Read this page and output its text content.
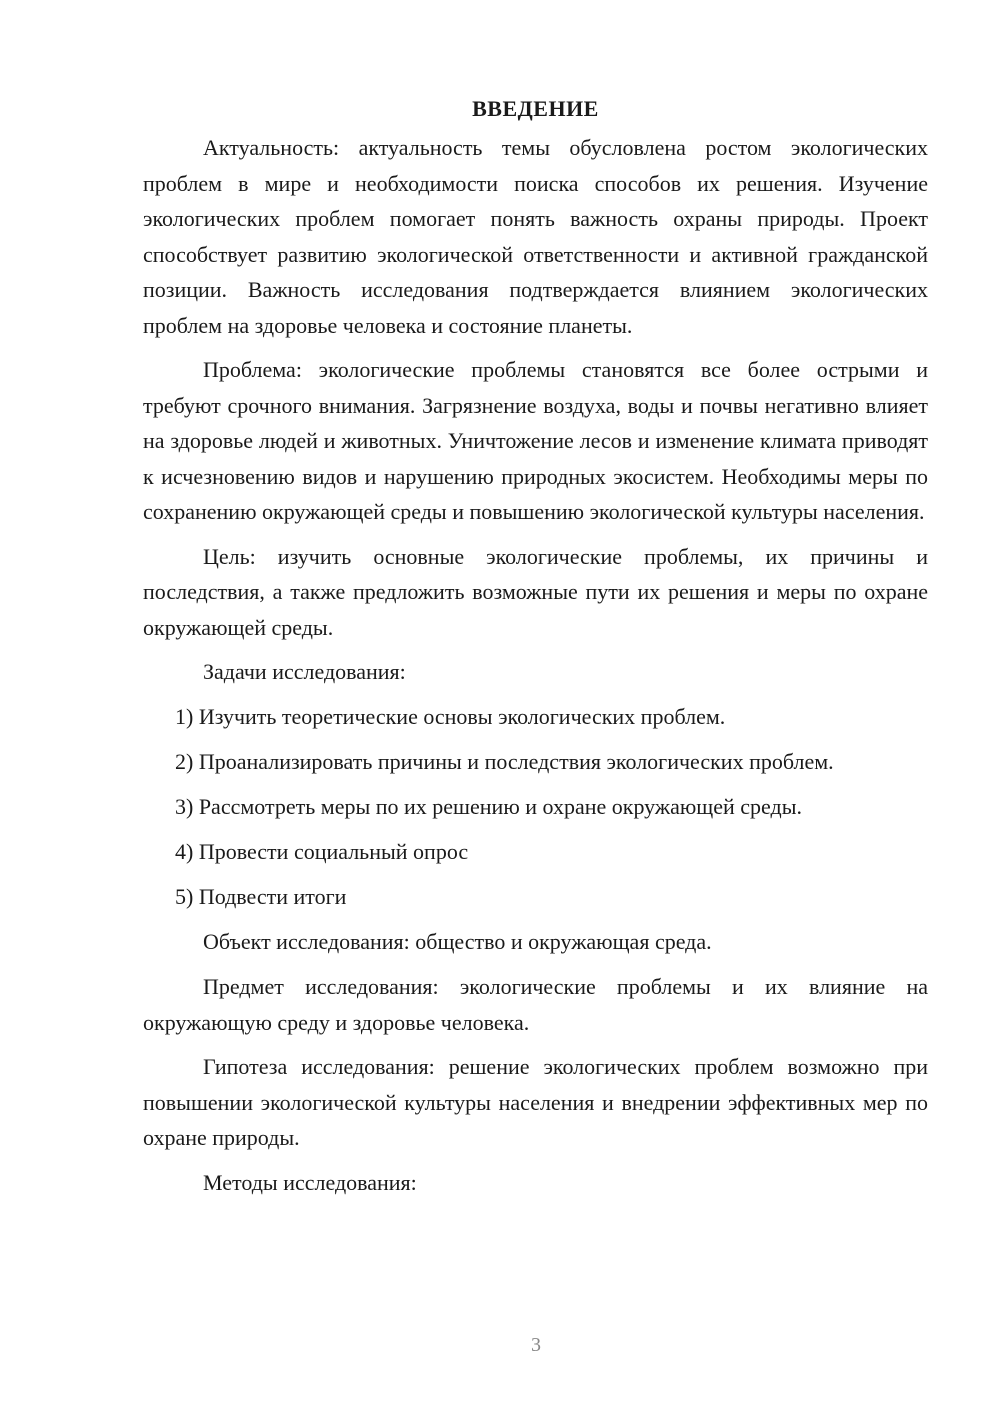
ВВЕДЕНИЕ

Актуальность: актуальность темы обусловлена ростом экологических проблем в мире и необходимости поиска способов их решения. Изучение экологических проблем помогает понять важность охраны природы. Проект способствует развитию экологической ответственности и активной гражданской позиции. Важность исследования подтверждается влиянием экологических проблем на здоровье человека и состояние планеты.

Проблема: экологические проблемы становятся все более острыми и требуют срочного внимания. Загрязнение воздуха, воды и почвы негативно влияет на здоровье людей и животных. Уничтожение лесов и изменение климата приводят к исчезновению видов и нарушению природных экосистем. Необходимы меры по сохранению окружающей среды и повышению экологической культуры населения.

Цель: изучить основные экологические проблемы, их причины и последствия, а также предложить возможные пути их решения и меры по охране окружающей среды.

Задачи исследования:

1) Изучить теоретические основы экологических проблем.
2) Проанализировать причины и последствия экологических проблем.
3) Рассмотреть меры по их решению и охране окружающей среды.
4) Провести социальный опрос
5) Подвести итоги

Объект исследования: общество и окружающая среда.

Предмет исследования: экологические проблемы и их влияние на окружающую среду и здоровье человека.

Гипотеза исследования: решение экологических проблем возможно при повышении экологической культуры населения и внедрении эффективных мер по охране природы.

Методы исследования:

3
